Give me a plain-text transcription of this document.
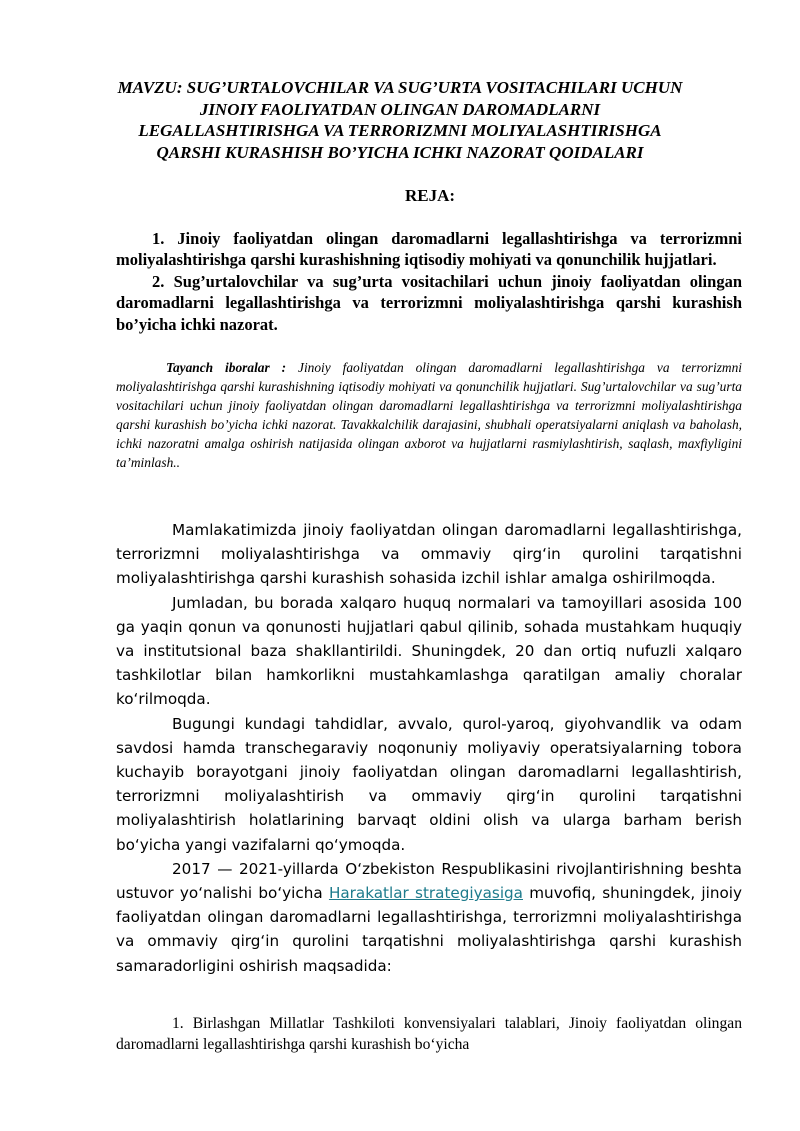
MAVZU: SUG’URTALOVCHILAR VA SUG’URTA VOSITACHILARI UCHUN JINOIY FAOLIYATDAN OLINGAN DAROMADLARNI LEGALLASHTIRISHGA VA TERRORIZMNI MOLIYALASHTIRISHGA QARSHI KURASHISH BO’YICHA ICHKI NAZORAT QOIDALARI
REJA:

1. Jinoiy faoliyatdan olingan daromadlarni legallashtirishga va terrorizmni moliyalashtirishga qarshi kurashishning iqtisodiy mohiyati va qonunchilik hujjatlari.

2. Sug’urtalovchilar va sug’urta vositachilari uchun jinoiy faoliyatdan olingan daromadlarni legallashtirishga va terrorizmni moliyalashtirishga qarshi kurashish bo’yicha ichki nazorat.

Tayanch iboralar : Jinoiy faoliyatdan olingan daromadlarni legallashtirishga va terrorizmni moliyalashtirishga qarshi kurashishning iqtisodiy mohiyati va qonunchilik hujjatlari. Sug’urtalovchilar va sug’urta vositachilari uchun jinoiy faoliyatdan olingan daromadlarni legallashtirishga va terrorizmni moliyalashtirishga qarshi kurashish bo’yicha ichki nazorat. Tavakkalchilik darajasini, shubhali operatsiyalarni aniqlash va baholash, ichki nazoratni amalga oshirish natijasida olingan axborot va hujjatlarni rasmiylashtirish, saqlash, maxfiyligini ta’minlash..

Mamlakatimizda jinoiy faoliyatdan olingan daromadlarni legallashtirishga, terrorizmni moliyalashtirishga va ommaviy qirg‘in qurolini tarqatishni moliyalashtirishga qarshi kurashish sohasida izchil ishlar amalga oshirilmoqda.

Jumladan, bu borada xalqaro huquq normalari va tamoyillari asosida 100 ga yaqin qonun va qonunosti hujjatlari qabul qilinib, sohada mustahkam huquqiy va institutsional baza shakllantirildi. Shuningdek, 20 dan ortiq nufuzli xalqaro tashkilotlar bilan hamkorlikni mustahkamlashga qaratilgan amaliy choralar ko‘rilmoqda.

Bugungi kundagi tahdidlar, avvalo, qurol-yaroq, giyohvandlik va odam savdosi hamda transchegaraviy noqonuniy moliyaviy operatsiyalarning tobora kuchayib borayotgani jinoiy faoliyatdan olingan daromadlarni legallashtirish, terrorizmni moliyalashtirish va ommaviy qirg‘in qurolini tarqatishni moliyalashtirish holatlarining barvaqt oldini olish va ularga barham berish bo‘yicha yangi vazifalarni qo‘ymoqda.

2017 — 2021-yillarda O‘zbekiston Respublikasini rivojlantirishning beshta ustuvor yo‘nalishi bo‘yicha Harakatlar strategiyasiga muvofiq, shuningdek, jinoiy faoliyatdan olingan daromadlarni legallashtirishga, terrorizmni moliyalashtirishga va ommaviy qirg‘in qurolini tarqatishni moliyalashtirishga qarshi kurashish samaradorligini oshirish maqsadida:

1. Birlashgan Millatlar Tashkiloti konvensiyalari talablari, Jinoiy faoliyatdan olingan daromadlarni legallashtirishga qarshi kurashish bo‘yicha
